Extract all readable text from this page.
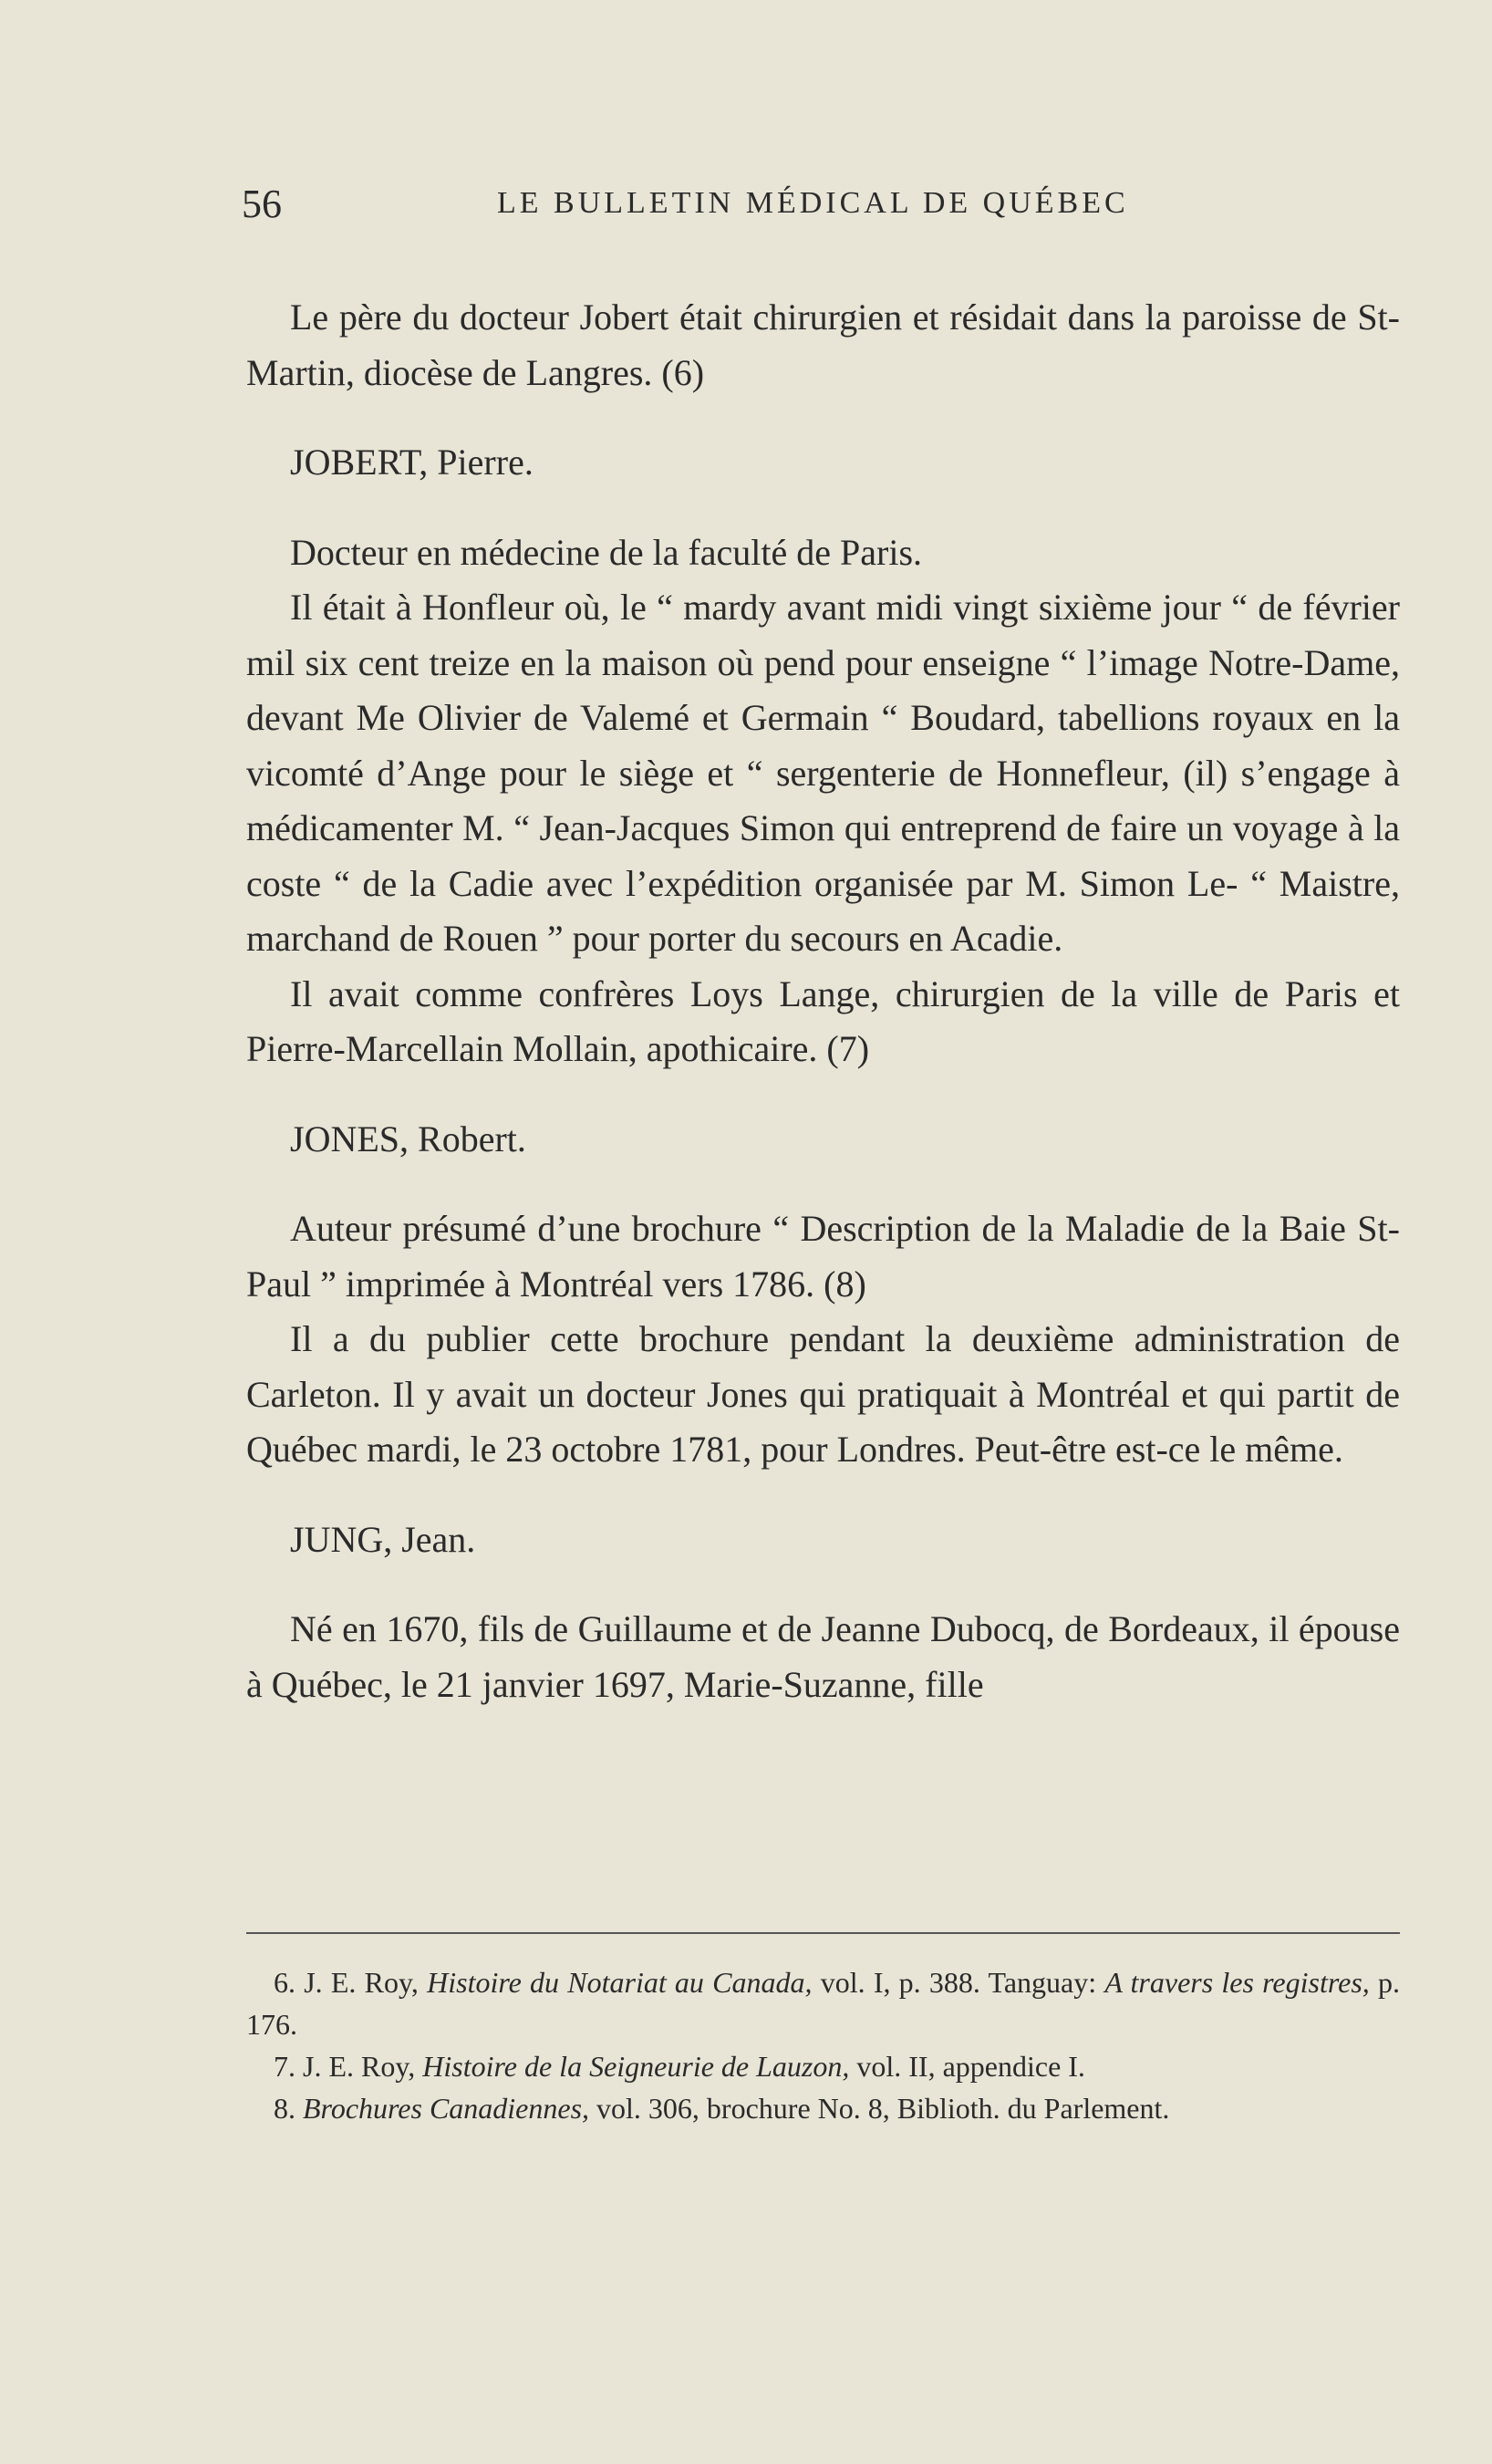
56	LE BULLETIN MÉDICAL DE QUÉBEC

Le père du docteur Jobert était chirurgien et résidait dans la paroisse de St-Martin, diocèse de Langres. (6)

JOBERT, Pierre.

Docteur en médecine de la faculté de Paris.

Il était à Honfleur où, le “ mardy avant midi vingt sixième jour “ de février mil six cent treize en la maison où pend pour enseigne “ l’image Notre-Dame, devant Me Olivier de Valemé et Germain “ Boudard, tabellions royaux en la vicomté d’Ange pour le siège et “ sergenterie de Honnefleur, (il) s’engage à médicamenter M. “ Jean-Jacques Simon qui entreprend de faire un voyage à la coste “ de la Cadie avec l’expédition organisée par M. Simon Le- “ Maistre, marchand de Rouen ” pour porter du secours en Acadie.

Il avait comme confrères Loys Lange, chirurgien de la ville de Paris et Pierre-Marcellain Mollain, apothicaire. (7)

JONES, Robert.

Auteur présumé d’une brochure “ Description de la Maladie de la Baie St-Paul ” imprimée à Montréal vers 1786. (8)

Il a du publier cette brochure pendant la deuxième administration de Carleton. Il y avait un docteur Jones qui pratiquait à Montréal et qui partit de Québec mardi, le 23 octobre 1781, pour Londres. Peut-être est-ce le même.

JUNG, Jean.

Né en 1670, fils de Guillaume et de Jeanne Dubocq, de Bordeaux, il épouse à Québec, le 21 janvier 1697, Marie-Suzanne, fille

6. J. E. Roy, Histoire du Notariat au Canada, vol. I, p. 388. Tanguay: A travers les registres, p. 176.

7. J. E. Roy, Histoire de la Seigneurie de Lauzon, vol. II, appendice I.

8. Brochures Canadiennes, vol. 306, brochure No. 8, Biblioth. du Parlement.
